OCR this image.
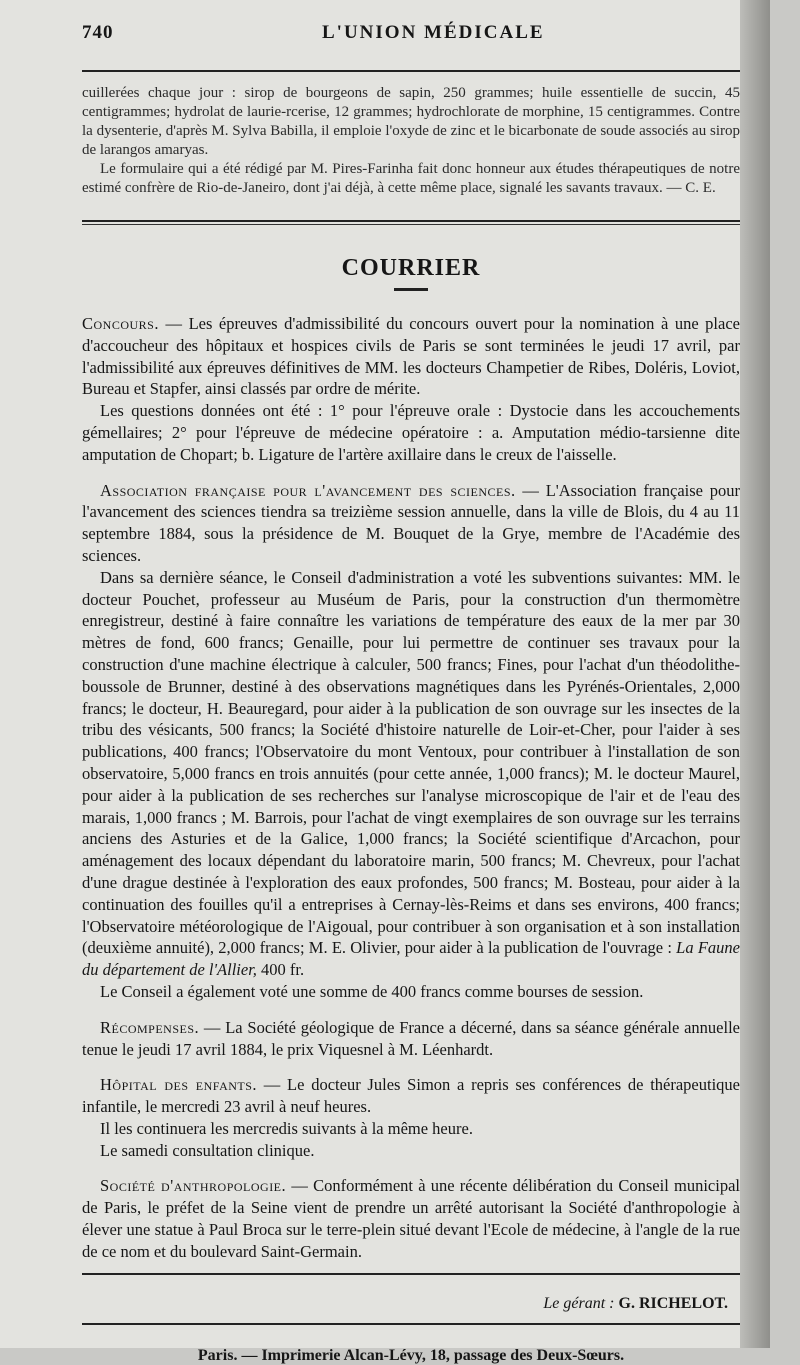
740	L'UNION MÉDICALE

cuillerées chaque jour : sirop de bourgeons de sapin, 250 grammes; huile essentielle de succin, 45 centigrammes; hydrolat de laurie-rcerise, 12 grammes; hydrochlorate de morphine, 15 centigrammes. Contre la dysenterie, d'après M. Sylva Babilla, il emploie l'oxyde de zinc et le bicarbonate de soude associés au sirop de larangos amaryas.

Le formulaire qui a été rédigé par M. Pires-Farinha fait donc honneur aux études thérapeutiques de notre estimé confrère de Rio-de-Janeiro, dont j'ai déjà, à cette même place, signalé les savants travaux. — C. E.

COURRIER

Concours. — Les épreuves d'admissibilité du concours ouvert pour la nomination à une place d'accoucheur des hôpitaux et hospices civils de Paris se sont terminées le jeudi 17 avril, par l'admissibilité aux épreuves définitives de MM. les docteurs Champetier de Ribes, Doléris, Loviot, Bureau et Stapfer, ainsi classés par ordre de mérite.

Les questions données ont été : 1° pour l'épreuve orale : Dystocie dans les accouchements gémellaires; 2° pour l'épreuve de médecine opératoire : a. Amputation médio-tarsienne dite amputation de Chopart; b. Ligature de l'artère axillaire dans le creux de l'aisselle.

Association française pour l'avancement des sciences. — L'Association française pour l'avancement des sciences tiendra sa treizième session annuelle, dans la ville de Blois, du 4 au 11 septembre 1884, sous la présidence de M. Bouquet de la Grye, membre de l'Académie des sciences.

Dans sa dernière séance, le Conseil d'administration a voté les subventions suivantes: MM. le docteur Pouchet, professeur au Muséum de Paris, pour la construction d'un thermomètre enregistreur, destiné à faire connaître les variations de température des eaux de la mer par 30 mètres de fond, 600 francs; Genaille, pour lui permettre de continuer ses travaux pour la construction d'une machine électrique à calculer, 500 francs; Fines, pour l'achat d'un théodolithe-boussole de Brunner, destiné à des observations magnétiques dans les Pyrénés-Orientales, 2,000 francs; le docteur, H. Beauregard, pour aider à la publication de son ouvrage sur les insectes de la tribu des vésicants, 500 francs; la Société d'histoire naturelle de Loir-et-Cher, pour l'aider à ses publications, 400 francs; l'Observatoire du mont Ventoux, pour contribuer à l'installation de son observatoire, 5,000 francs en trois annuités (pour cette année, 1,000 francs); M. le docteur Maurel, pour aider à la publication de ses recherches sur l'analyse microscopique de l'air et de l'eau des marais, 1,000 francs ; M. Barrois, pour l'achat de vingt exemplaires de son ouvrage sur les terrains anciens des Asturies et de la Galice, 1,000 francs; la Société scientifique d'Arcachon, pour aménagement des locaux dépendant du laboratoire marin, 500 francs; M. Chevreux, pour l'achat d'une drague destinée à l'exploration des eaux profondes, 500 francs; M. Bosteau, pour aider à la continuation des fouilles qu'il a entreprises à Cernay-lès-Reims et dans ses environs, 400 francs; l'Observatoire météorologique de l'Aigoual, pour contribuer à son organisation et à son installation (deuxième annuité), 2,000 francs; M. E. Olivier, pour aider à la publication de l'ouvrage : La Faune du département de l'Allier, 400 fr.

Le Conseil a également voté une somme de 400 francs comme bourses de session.

Récompenses. — La Société géologique de France a décerné, dans sa séance générale annuelle tenue le jeudi 17 avril 1884, le prix Viquesnel à M. Léenhardt.

Hôpital des enfants. — Le docteur Jules Simon a repris ses conférences de thérapeutique infantile, le mercredi 23 avril à neuf heures.

Il les continuera les mercredis suivants à la même heure.

Le samedi consultation clinique.

Société d'anthropologie. — Conformément à une récente délibération du Conseil municipal de Paris, le préfet de la Seine vient de prendre un arrêté autorisant la Société d'anthropologie à élever une statue à Paul Broca sur le terre-plein situé devant l'Ecole de médecine, à l'angle de la rue de ce nom et du boulevard Saint-Germain.

Le gérant : G. RICHELOT.
Paris. — Imprimerie Alcan-Lévy, 18, passage des Deux-Sœurs.
